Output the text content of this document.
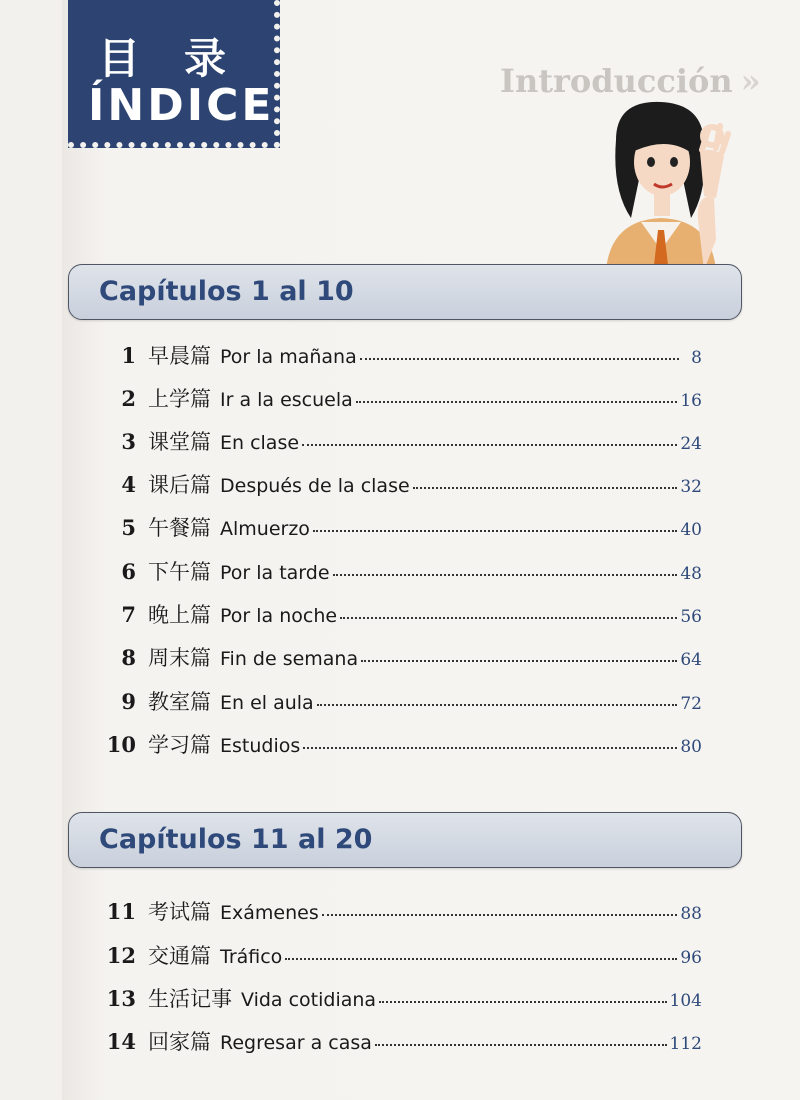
Introducción »
目录
ÍNDICE
Capítulos 1 al 10
1 早晨篇 Por la mañana	8
2 上学篇 Ir a la escuela	16
3 课堂篇 En clase	24
4 课后篇 Después de la clase	32
5 午餐篇 Almuerzo	40
6 下午篇 Por la tarde	48
7 晚上篇 Por la noche	56
8 周末篇 Fin de semana	64
9 教室篇 En el aula	72
10 学习篇 Estudios	80
Capítulos 11 al 20
11 考试篇 Exámenes	88
12 交通篇 Tráfico	96
13 生活记事 Vida cotidiana	104
14 回家篇 Regresar a casa	112
